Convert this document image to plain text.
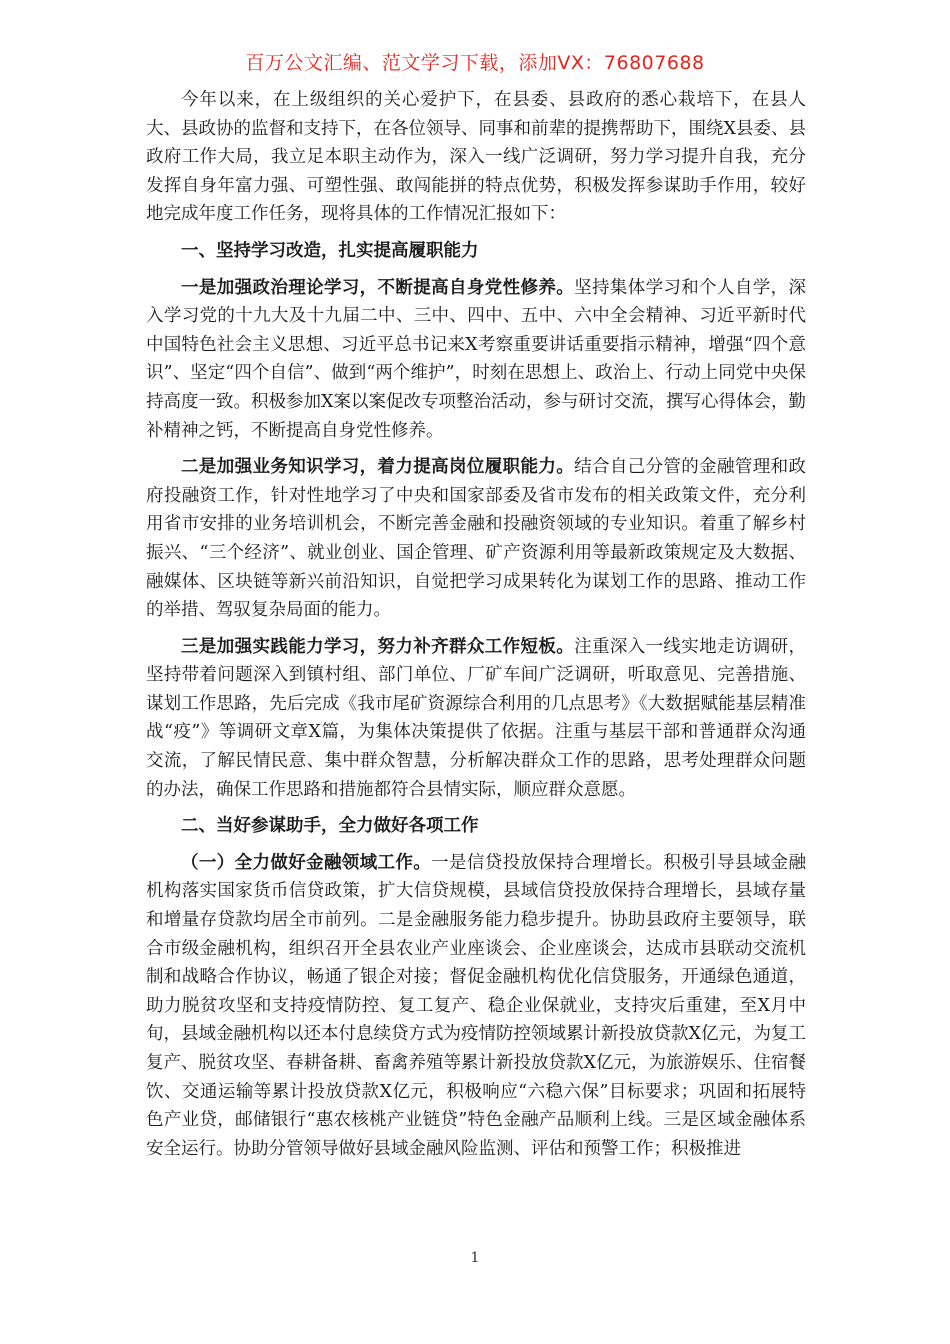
百万公文汇编、范文学习下载，添加VX：76807688

今年以来，在上级组织的关心爱护下，在县委、县政府的悉心栽培下，在县人大、县政协的监督和支持下，在各位领导、同事和前辈的提携帮助下，围绕X县委、县政府工作大局，我立足本职主动作为，深入一线广泛调研，努力学习提升自我，充分发挥自身年富力强、可塑性强、敢闯能拼的特点优势，积极发挥参谋助手作用，较好地完成年度工作任务，现将具体的工作情况汇报如下：

一、坚持学习改造，扎实提高履职能力

一是加强政治理论学习，不断提高自身党性修养。坚持集体学习和个人自学，深入学习党的十九大及十九届二中、三中、四中、五中、六中全会精神、习近平新时代中国特色社会主义思想、习近平总书记来X考察重要讲话重要指示精神，增强“四个意识”、坚定“四个自信”、做到“两个维护”，时刻在思想上、政治上、行动上同党中央保持高度一致。积极参加X案以案促改专项整治活动，参与研讨交流，撰写心得体会，勤补精神之钙，不断提高自身党性修养。

二是加强业务知识学习，着力提高岗位履职能力。结合自己分管的金融管理和政府投融资工作，针对性地学习了中央和国家部委及省市发布的相关政策文件，充分利用省市安排的业务培训机会，不断完善金融和投融资领域的专业知识。着重了解乡村振兴、“三个经济”、就业创业、国企管理、矿产资源利用等最新政策规定及大数据、融媒体、区块链等新兴前沿知识，自觉把学习成果转化为谋划工作的思路、推动工作的举措、驾驭复杂局面的能力。

三是加强实践能力学习，努力补齐群众工作短板。注重深入一线实地走访调研，坚持带着问题深入到镇村组、部门单位、厂矿车间广泛调研，听取意见、完善措施、谋划工作思路，先后完成《我市尾矿资源综合利用的几点思考》《大数据赋能基层精准战“疫”》等调研文章X篇，为集体决策提供了依据。注重与基层干部和普通群众沟通交流，了解民情民意、集中群众智慧，分析解决群众工作的思路，思考处理群众问题的办法，确保工作思路和措施都符合县情实际，顺应群众意愿。

二、当好参谋助手，全力做好各项工作

（一）全力做好金融领域工作。一是信贷投放保持合理增长。积极引导县域金融机构落实国家货币信贷政策，扩大信贷规模，县域信贷投放保持合理增长，县域存量和增量存贷款均居全市前列。二是金融服务能力稳步提升。协助县政府主要领导，联合市级金融机构，组织召开全县农业产业座谈会、企业座谈会，达成市县联动交流机制和战略合作协议，畅通了银企对接；督促金融机构优化信贷服务，开通绿色通道，助力脱贫攻坚和支持疫情防控、复工复产、稳企业保就业，支持灾后重建，至X月中旬，县域金融机构以还本付息续贷方式为疫情防控领域累计新投放贷款X亿元，为复工复产、脱贫攻坚、春耕备耕、畜禽养殖等累计新投放贷款X亿元，为旅游娱乐、住宿餐饮、交通运输等累计投放贷款X亿元，积极响应“六稳六保”目标要求；巩固和拓展特色产业贷，邮储银行“惠农核桃产业链贷”特色金融产品顺利上线。三是区域金融体系安全运行。协助分管领导做好县域金融风险监测、评估和预警工作；积极推进

1
